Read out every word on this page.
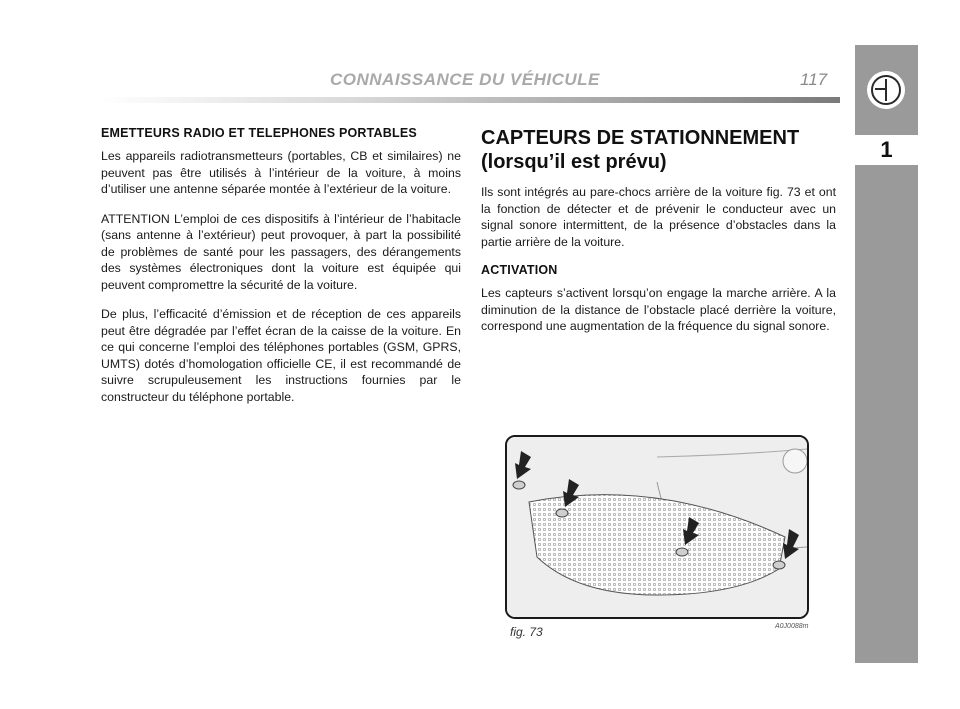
CONNAISSANCE DU VÉHICULE	117
1
EMETTEURS RADIO ET TELEPHONES PORTABLES

Les appareils radiotransmetteurs (portables, CB et similaires) ne peuvent pas être utilisés à l’intérieur de la voiture, à moins d’utiliser une antenne séparée montée à l’extérieur de la voiture.

ATTENTION L’emploi de ces dispositifs à l’intérieur de l’habitacle (sans antenne à l’extérieur) peut provoquer, à part la possibilité de problèmes de santé pour les passagers, des dérangements des systèmes électroniques dont la voiture est équipée qui peuvent compromettre la sécurité de la voiture.

De plus, l’efficacité d’émission et de réception de ces appareils peut être dégradée par l’effet écran de la caisse de la voiture. En ce qui concerne l’emploi des téléphones portables (GSM, GPRS, UMTS) dotés d’homologation officielle CE, il est recommandé de suivre scrupuleusement les instructions fournies par le constructeur du téléphone portable.

CAPTEURS DE STATIONNEMENT
(lorsqu’il est prévu)

Ils sont intégrés au pare-chocs arrière de la voiture fig. 73 et ont la fonction de détecter et de prévenir le conducteur avec un signal sonore intermittent, de la présence d’obstacles dans la partie arrière de la voiture.

ACTIVATION

Les capteurs s’activent lorsqu’on engage la marche arrière. A la diminution de la distance de l’obstacle placé derrière la voiture, correspond une augmentation de la fréquence du signal sonore.

fig. 73	A0J0088m
